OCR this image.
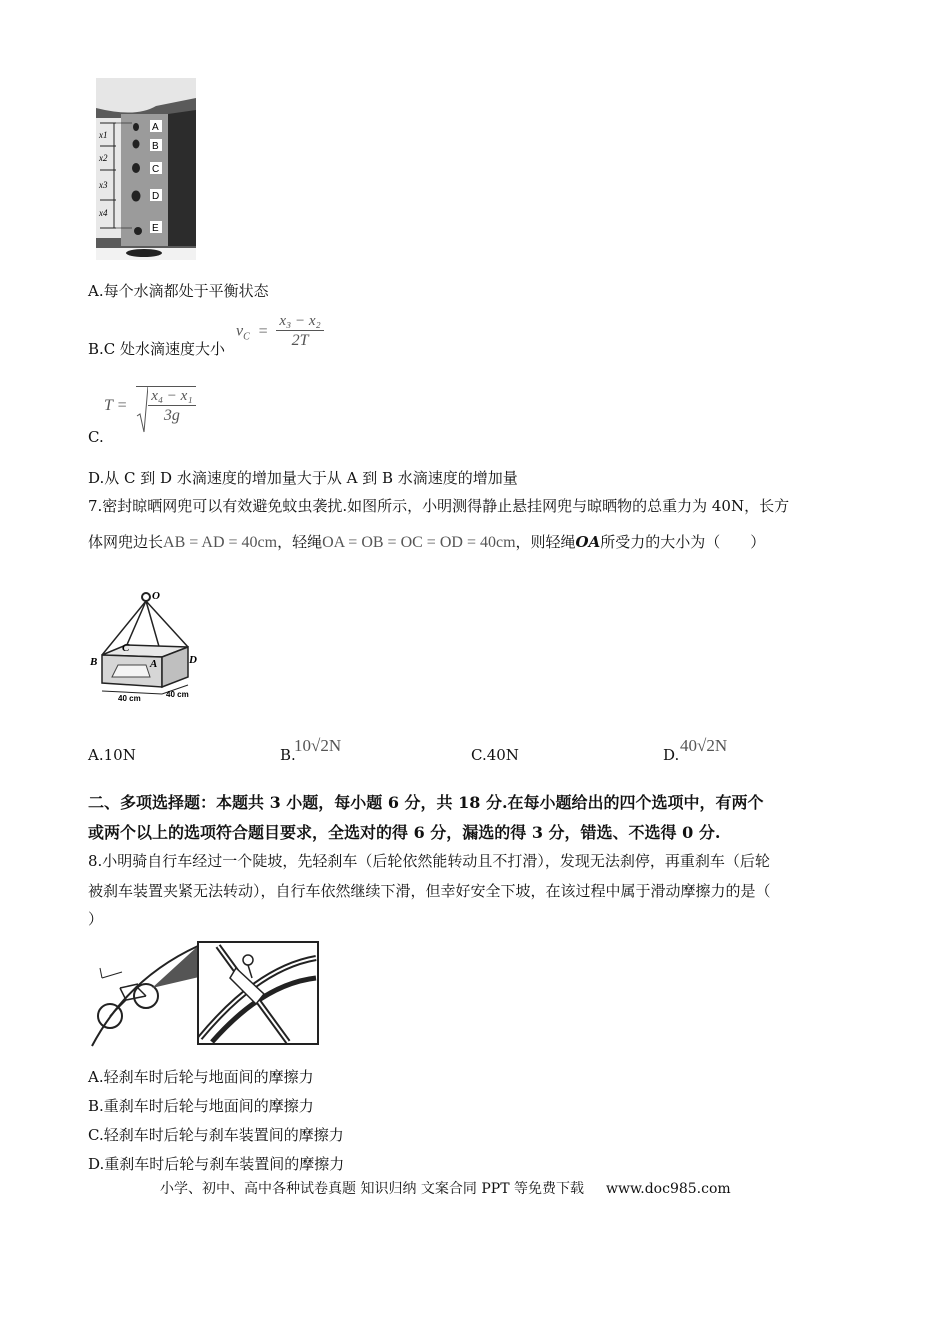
A
B
C
D
E
x1
x2
x3
x4
A.每个水滴都处于平衡状态
B.C 处水滴速度大小
$v_C = \frac{\text{x₃ − x₂}}{2T}$
$T = \frac{\text{x₄ − x₁}}{3g}$
C.
D.从 C 到 D 水滴速度的增加量大于从 A 到 B 水滴速度的增加量
7.密封晾晒网兜可以有效避免蚊虫袭扰.如图所示，小明测得静止悬挂网兜与晾晒物的总重力为 40N，长方
体网兜边长AB = AD = 40cm，轻绳OA = OB = OC = OD = 40cm，则轻绳OA所受力的大小为（　　）
O
C
B	A	D
40 cm	40 cm
A.10N	B.
10√2N	C.40N	D. 40√2N
二、多项选择题：本题共 3 小题，每小题 6 分，共 18 分.在每小题给出的四个选项中，有两个
或两个以上的选项符合题目要求，全选对的得 6 分，漏选的得 3 分，错选、不选得 0 分.
8.小明骑自行车经过一个陡坡，先轻刹车（后轮依然能转动且不打滑），发现无法刹停，再重刹车（后轮
被刹车装置夹紧无法转动），自行车依然继续下滑，但幸好安全下坡，在该过程中属于滑动摩擦力的是（
）
A.轻刹车时后轮与地面间的摩擦力
B.重刹车时后轮与地面间的摩擦力
C.轻刹车时后轮与刹车装置间的摩擦力
D.重刹车时后轮与刹车装置间的摩擦力
小学、初中、高中各种试卷真题 知识归纳 文案合同 PPT 等免费下载 www.doc985.com
